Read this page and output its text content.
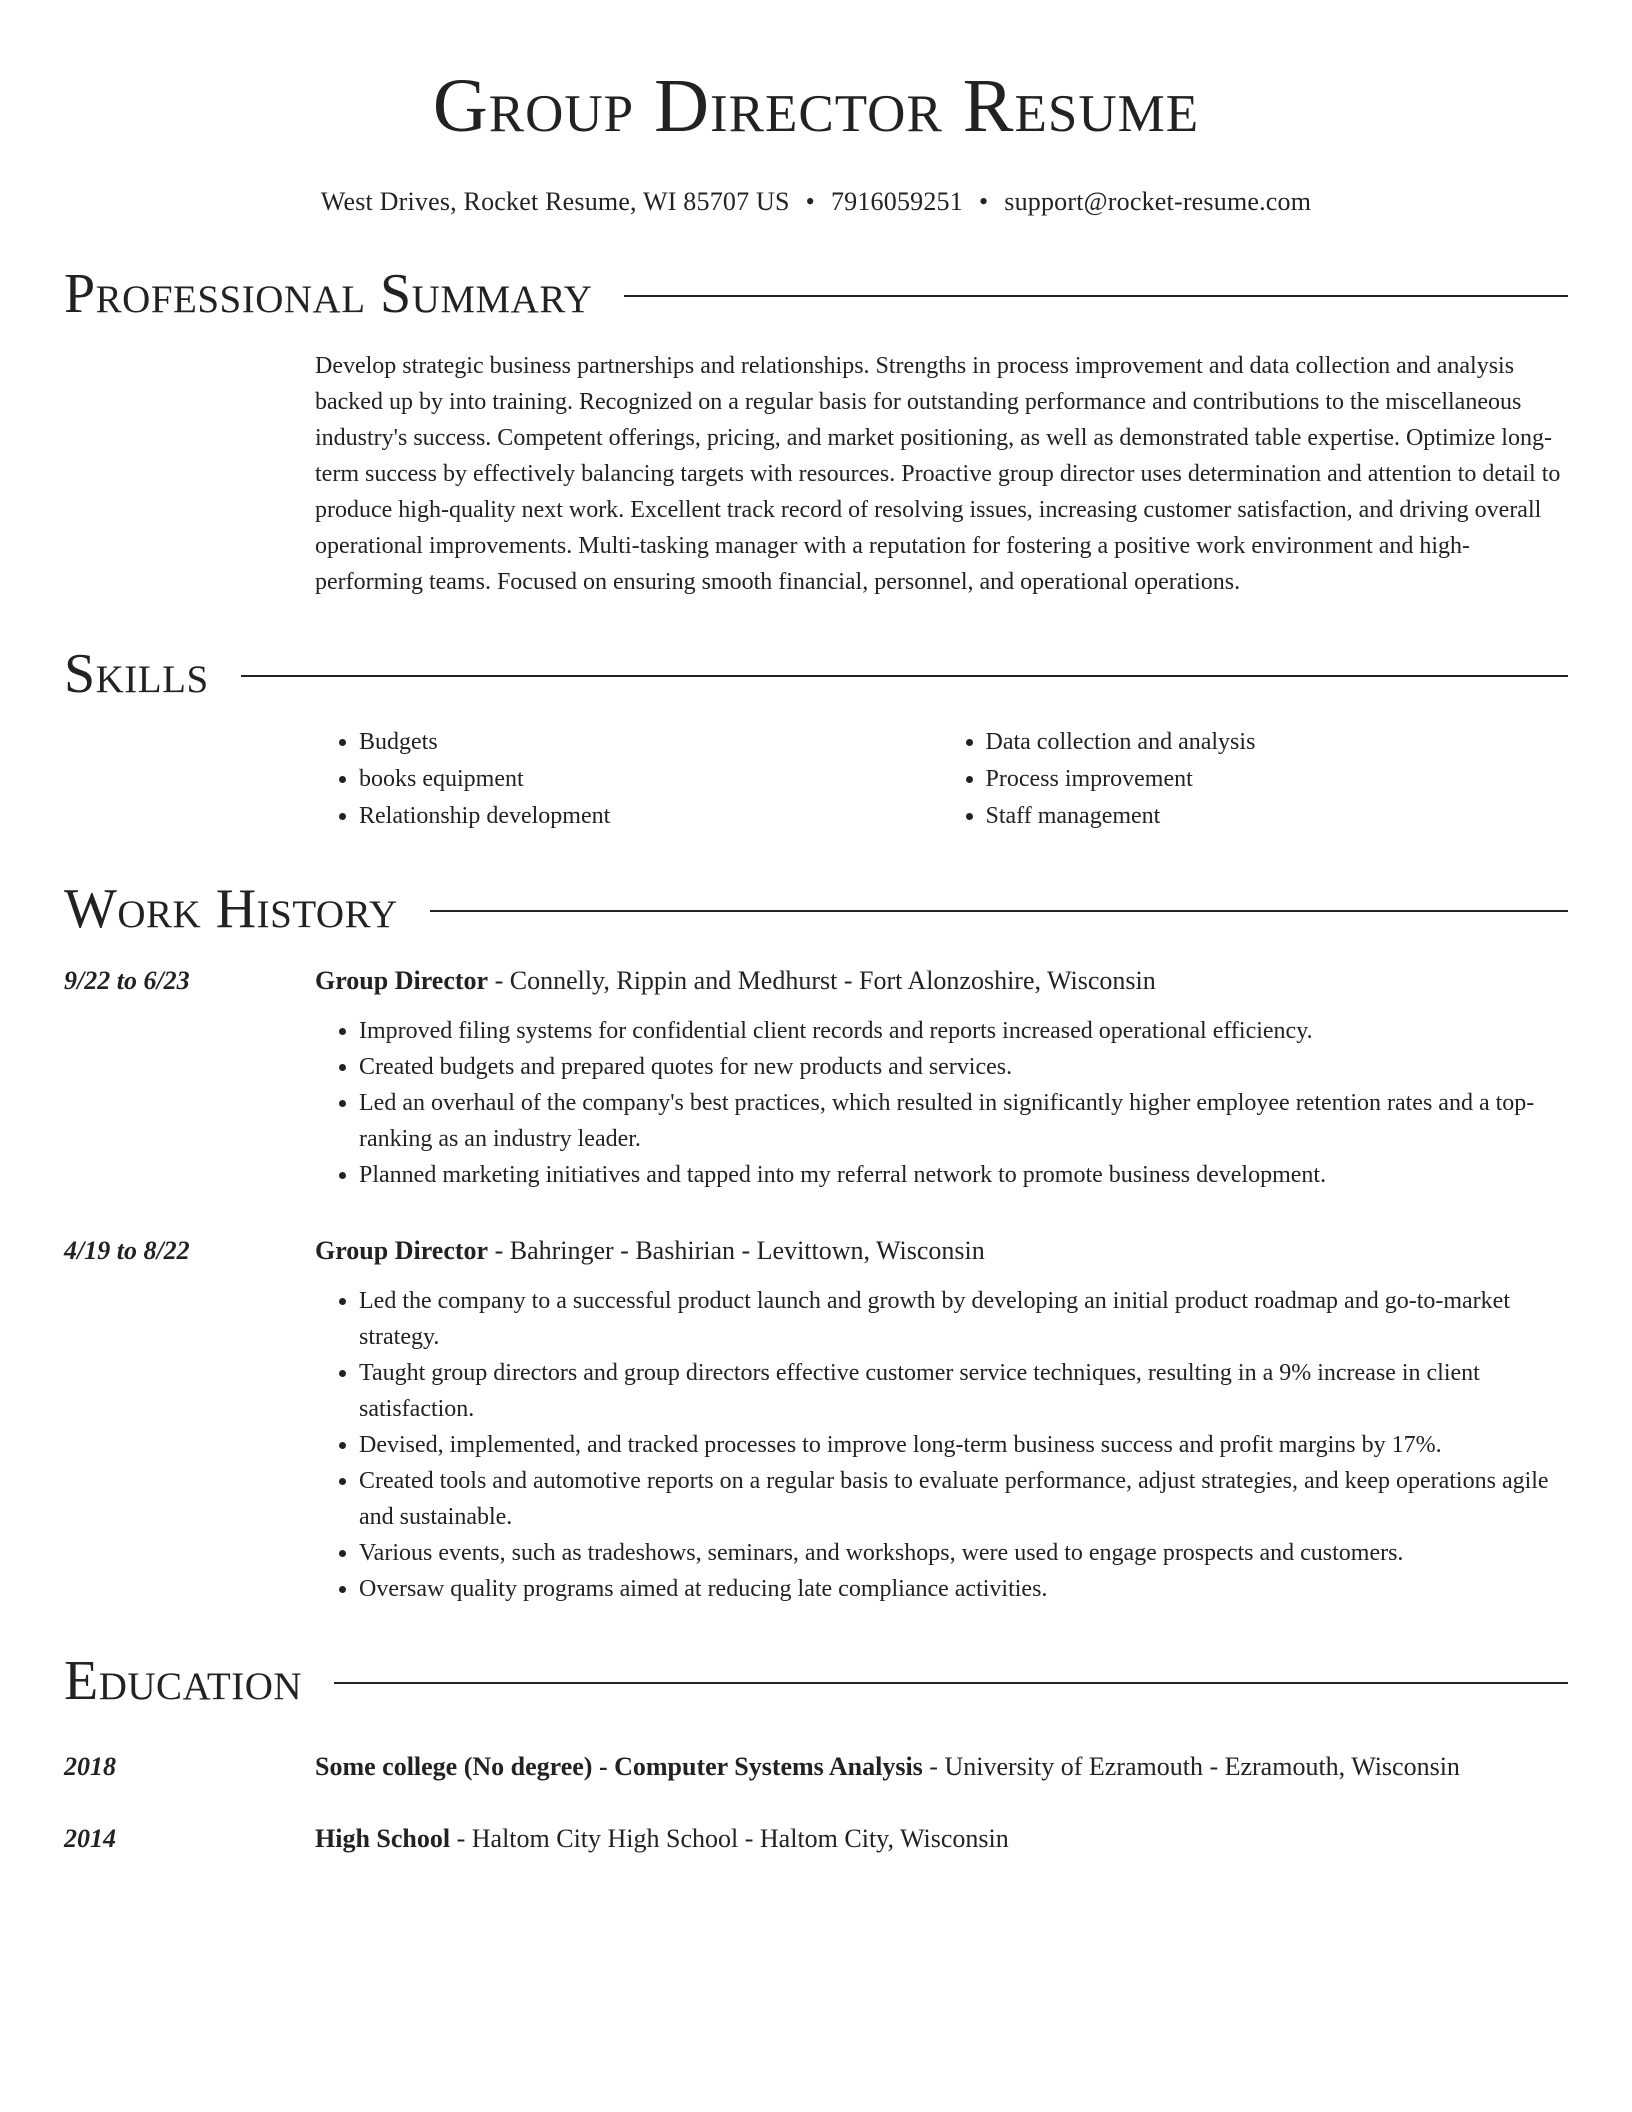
Group Director Resume
West Drives, Rocket Resume, WI 85707 US • 7916059251 • support@rocket-resume.com
Professional Summary
Develop strategic business partnerships and relationships. Strengths in process improvement and data collection and analysis backed up by into training. Recognized on a regular basis for outstanding performance and contributions to the miscellaneous industry's success. Competent offerings, pricing, and market positioning, as well as demonstrated table expertise. Optimize long-term success by effectively balancing targets with resources. Proactive group director uses determination and attention to detail to produce high-quality next work. Excellent track record of resolving issues, increasing customer satisfaction, and driving overall operational improvements. Multi-tasking manager with a reputation for fostering a positive work environment and high-performing teams. Focused on ensuring smooth financial, personnel, and operational operations.
Skills
• Budgets
• books equipment
• Relationship development
• Data collection and analysis
• Process improvement
• Staff management
Work History
9/22 to 6/23	Group Director - Connelly, Rippin and Medhurst - Fort Alonzoshire, Wisconsin
• Improved filing systems for confidential client records and reports increased operational efficiency.
• Created budgets and prepared quotes for new products and services.
• Led an overhaul of the company's best practices, which resulted in significantly higher employee retention rates and a top-ranking as an industry leader.
• Planned marketing initiatives and tapped into my referral network to promote business development.
4/19 to 8/22	Group Director - Bahringer - Bashirian - Levittown, Wisconsin
• Led the company to a successful product launch and growth by developing an initial product roadmap and go-to-market strategy.
• Taught group directors and group directors effective customer service techniques, resulting in a 9% increase in client satisfaction.
• Devised, implemented, and tracked processes to improve long-term business success and profit margins by 17%.
• Created tools and automotive reports on a regular basis to evaluate performance, adjust strategies, and keep operations agile and sustainable.
• Various events, such as tradeshows, seminars, and workshops, were used to engage prospects and customers.
• Oversaw quality programs aimed at reducing late compliance activities.
Education
2018	Some college (No degree) - Computer Systems Analysis - University of Ezramouth - Ezramouth, Wisconsin
2014	High School - Haltom City High School - Haltom City, Wisconsin
